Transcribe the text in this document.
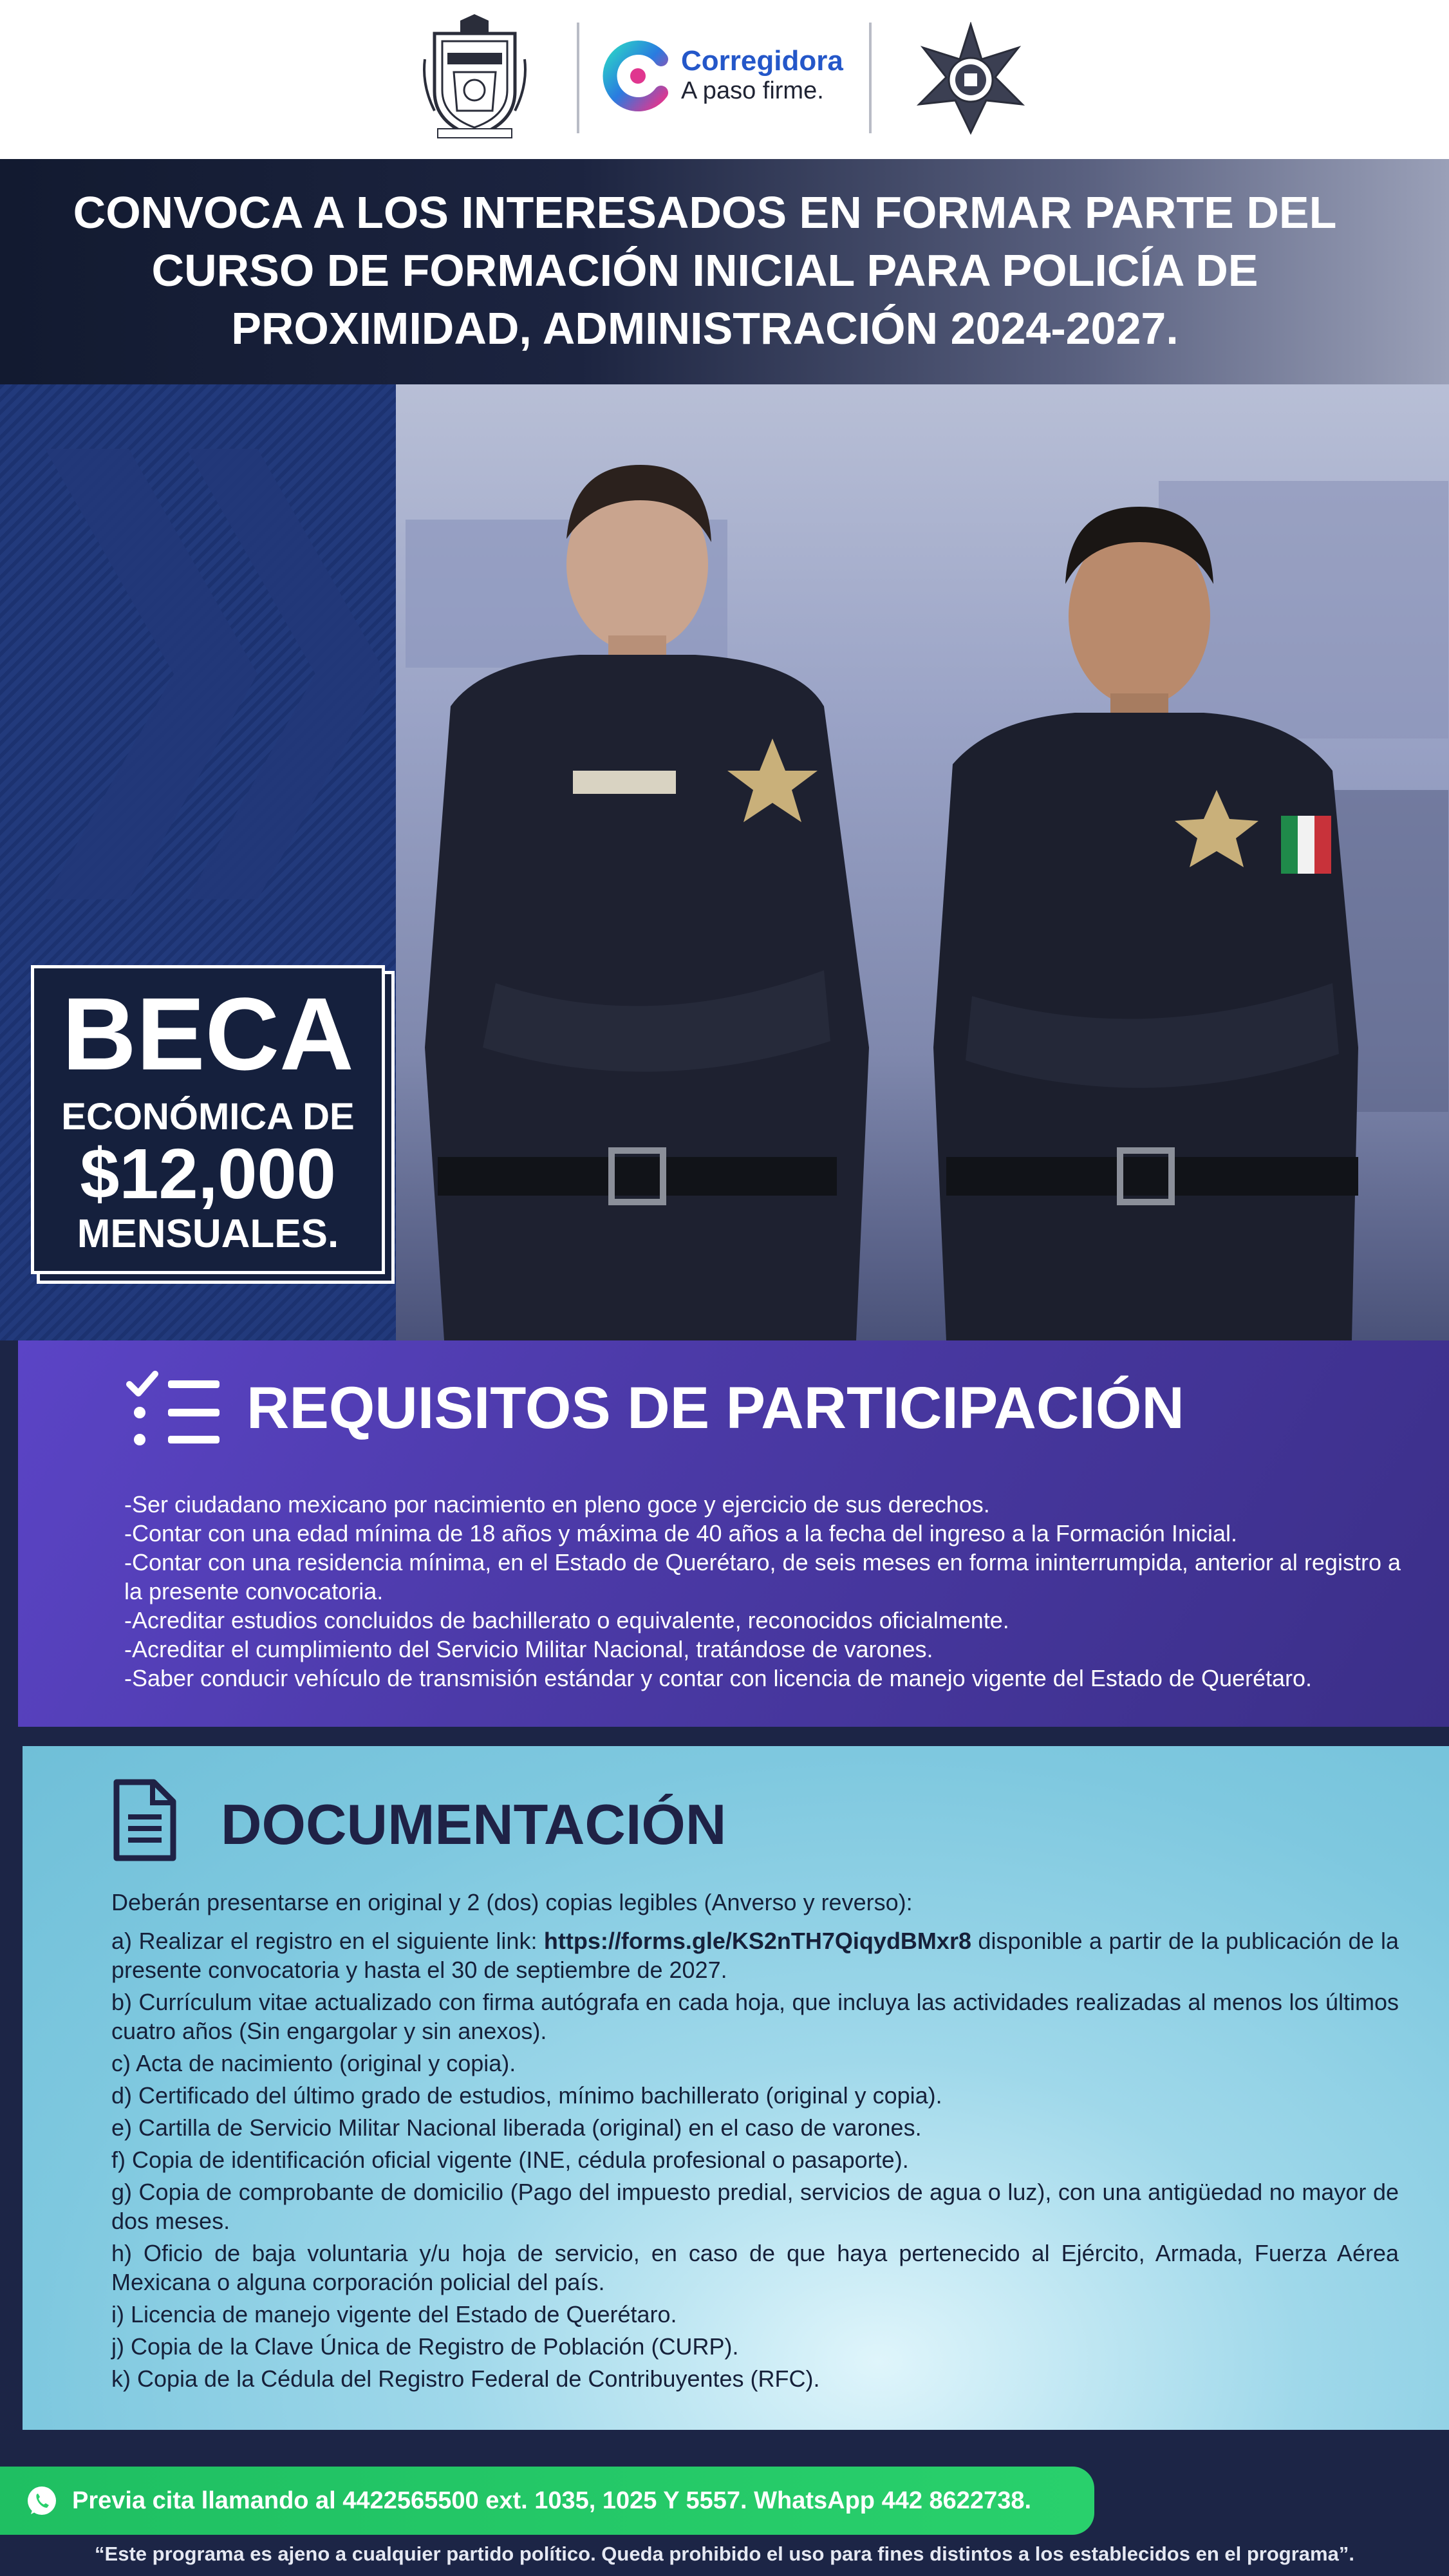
Corregidora
A paso firme.
CONVOCA A LOS INTERESADOS EN FORMAR PARTE DEL CURSO DE FORMACIÓN INICIAL PARA POLICÍA DE PROXIMIDAD, ADMINISTRACIÓN 2024-2027.
BECA
ECONÓMICA DE
$12,000
MENSUALES.
REQUISITOS DE PARTICIPACIÓN
-Ser ciudadano mexicano por nacimiento en pleno goce y ejercicio de sus derechos.
-Contar con una edad mínima de 18 años y máxima de 40 años a la fecha del ingreso a la Formación Inicial.
-Contar con una residencia mínima, en el Estado de Querétaro, de seis meses en forma ininterrumpida, anterior al registro a la presente convocatoria.
-Acreditar estudios concluidos de bachillerato o equivalente, reconocidos oficialmente.
-Acreditar el cumplimiento del Servicio Militar Nacional, tratándose de varones.
-Saber conducir vehículo de transmisión estándar y contar con licencia de manejo vigente del Estado de Querétaro.
DOCUMENTACIÓN

Deberán presentarse en original y 2 (dos) copias legibles (Anverso y reverso):

a) Realizar el registro en el siguiente link: https://forms.gle/KS2nTH7QiqydBMxr8 disponible a partir de la publicación de la presente convocatoria y hasta el 30 de septiembre de 2027.
b) Currículum vitae actualizado con firma autógrafa en cada hoja, que incluya las actividades realizadas al menos los últimos cuatro años (Sin engargolar y sin anexos).
c) Acta de nacimiento (original y copia).
d) Certificado del último grado de estudios, mínimo bachillerato (original y copia).
e) Cartilla de Servicio Militar Nacional liberada (original) en el caso de varones.
f) Copia de identificación oficial vigente (INE, cédula profesional o pasaporte).
g) Copia de comprobante de domicilio (Pago del impuesto predial, servicios de agua o luz), con una antigüedad no mayor de dos meses.
h) Oficio de baja voluntaria y/u hoja de servicio, en caso de que haya pertenecido al Ejército, Armada, Fuerza Aérea Mexicana o alguna corporación policial del país.
i) Licencia de manejo vigente del Estado de Querétaro.
j) Copia de la Clave Única de Registro de Población (CURP).
k) Copia de la Cédula del Registro Federal de Contribuyentes (RFC).

Previa cita llamando al 4422565500 ext. 1035, 1025 Y 5557. WhatsApp 442 8622738.

“Este programa es ajeno a cualquier partido político. Queda prohibido el uso para fines distintos a los establecidos en el programa”.
